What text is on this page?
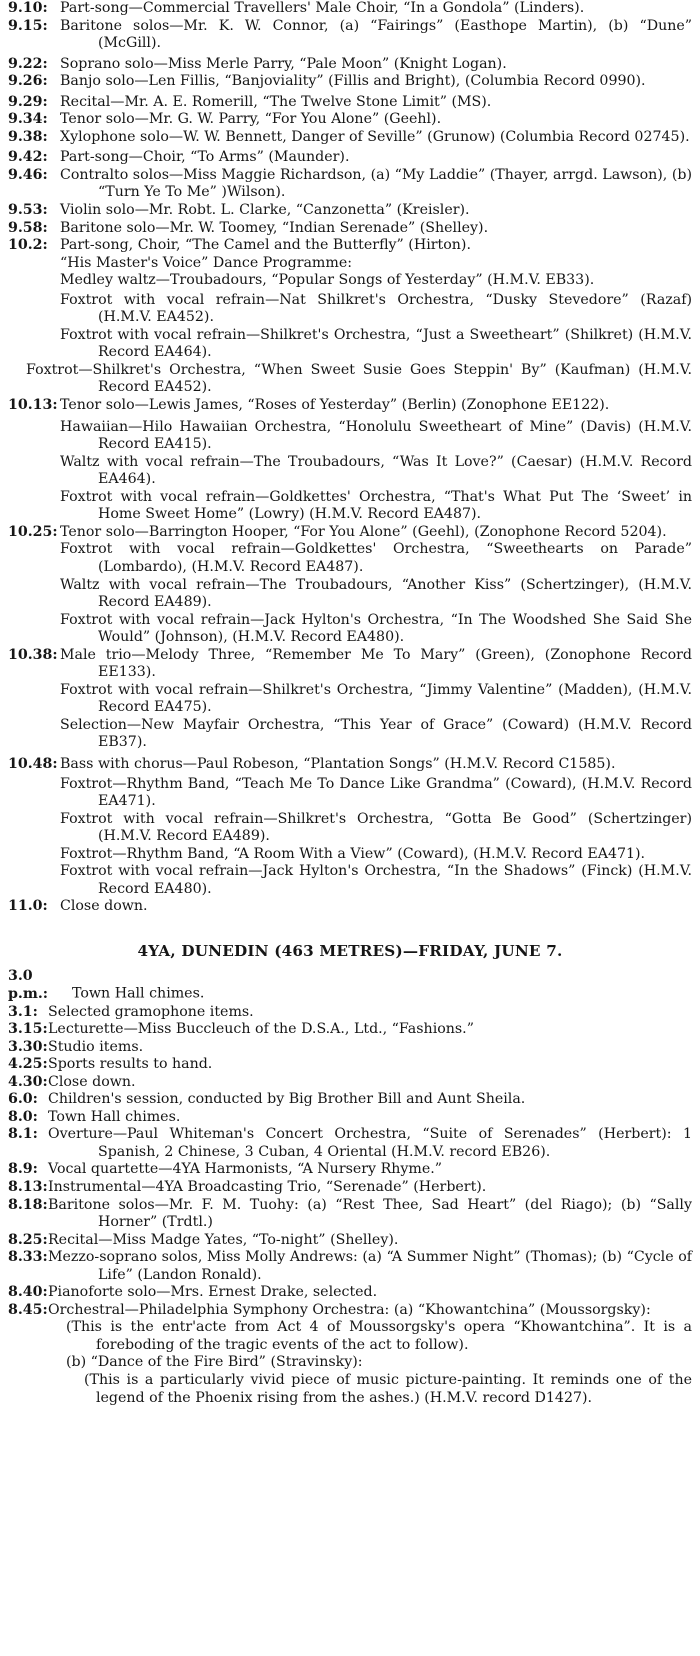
9.10: Part-song—Commercial Travellers' Male Choir, “In a Gondola” (Linders).
9.15: Baritone solos—Mr. K. W. Connor, (a) “Fairings” (Easthope Martin), (b) “Dune” (McGill).
9.22: Soprano solo—Miss Merle Parry, “Pale Moon” (Knight Logan).
9.26: Banjo solo—Len Fillis, “Banjoviality” (Fillis and Bright), (Columbia Record 0990).
9.29: Recital—Mr. A. E. Romerill, “The Twelve Stone Limit” (MS).
9.34: Tenor solo—Mr. G. W. Parry, “For You Alone” (Geehl).
9.38: Xylophone solo—W. W. Bennett, Danger of Seville” (Grunow) (Columbia Record 02745).
9.42: Part-song—Choir, “To Arms” (Maunder).
9.46: Contralto solos—Miss Maggie Richardson, (a) “My Laddie” (Thayer, arrgd. Lawson), (b) “Turn Ye To Me” )Wilson).
9.53: Violin solo—Mr. Robt. L. Clarke, “Canzonetta” (Kreisler).
9.58: Baritone solo—Mr. W. Toomey, “Indian Serenade” (Shelley).
10.2: Part-song, Choir, “The Camel and the Butterfly” (Hirton).
“His Master's Voice” Dance Programme:
Medley waltz—Troubadours, “Popular Songs of Yesterday” (H.M.V. EB33).
Foxtrot with vocal refrain—Nat Shilkret's Orchestra, “Dusky Stevedore” (Razaf) (H.M.V. EA452).
Foxtrot with vocal refrain—Shilkret's Orchestra, “Just a Sweetheart” (Shilkret) (H.M.V. Record EA464).
Foxtrot—Shilkret's Orchestra, “When Sweet Susie Goes Steppin' By” (Kaufman) (H.M.V. Record EA452).
10.13: Tenor solo—Lewis James, “Roses of Yesterday” (Berlin) (Zonophone EE122).
Hawaiian—Hilo Hawaiian Orchestra, “Honolulu Sweetheart of Mine” (Davis) (H.M.V. Record EA415).
Waltz with vocal refrain—The Troubadours, “Was It Love?” (Caesar) (H.M.V. Record EA464).
Foxtrot with vocal refrain—Goldkettes' Orchestra, “That's What Put The ‘Sweet’ in Home Sweet Home” (Lowry) (H.M.V. Record EA487).
10.25: Tenor solo—Barrington Hooper, “For You Alone” (Geehl), (Zonophone Record 5204).
Foxtrot with vocal refrain—Goldkettes' Orchestra, “Sweethearts on Parade” (Lombardo), (H.M.V. Record EA487).
Waltz with vocal refrain—The Troubadours, “Another Kiss” (Schertzinger), (H.M.V. Record EA489).
Foxtrot with vocal refrain—Jack Hylton's Orchestra, “In The Woodshed She Said She Would” (Johnson), (H.M.V. Record EA480).
10.38: Male trio—Melody Three, “Remember Me To Mary” (Green), (Zonophone Record EE133).
Foxtrot with vocal refrain—Shilkret's Orchestra, “Jimmy Valentine” (Madden), (H.M.V. Record EA475).
Selection—New Mayfair Orchestra, “This Year of Grace” (Coward) (H.M.V. Record EB37).
10.48: Bass with chorus—Paul Robeson, “Plantation Songs” (H.M.V. Record C1585).
Foxtrot—Rhythm Band, “Teach Me To Dance Like Grandma” (Coward), (H.M.V. Record EA471).
Foxtrot with vocal refrain—Shilkret's Orchestra, “Gotta Be Good” (Schertzinger) (H.M.V. Record EA489).
Foxtrot—Rhythm Band, “A Room With a View” (Coward), (H.M.V. Record EA471).
Foxtrot with vocal refrain—Jack Hylton's Orchestra, “In the Shadows” (Finck) (H.M.V. Record EA480).
11.0: Close down.
4YA, DUNEDIN (463 METRES)—FRIDAY, JUNE 7.
3.0 p.m.: Town Hall chimes.
3.1: Selected gramophone items.
3.15:Lecturette—Miss Buccleuch of the D.S.A., Ltd., “Fashions.”
3.30:Studio items.
4.25:Sports results to hand.
4.30:Close down.
6.0: Children's session, conducted by Big Brother Bill and Aunt Sheila.
8.0: Town Hall chimes.
8.1: Overture—Paul Whiteman's Concert Orchestra, “Suite of Serenades” (Herbert): 1 Spanish, 2 Chinese, 3 Cuban, 4 Oriental (H.M.V. record EB26).
8.9: Vocal quartette—4YA Harmonists, “A Nursery Rhyme.”
8.13:Instrumental—4YA Broadcasting Trio, “Serenade” (Herbert).
8.18:Baritone solos—Mr. F. M. Tuohy: (a) “Rest Thee, Sad Heart” (del Riago); (b) “Sally Horner” (Trdtl.)
8.25:Recital—Miss Madge Yates, “To-night” (Shelley).
8.33:Mezzo-soprano solos, Miss Molly Andrews: (a) “A Summer Night” (Thomas); (b) “Cycle of Life” (Landon Ronald).
8.40:Pianoforte solo—Mrs. Ernest Drake, selected.
8.45:Orchestral—Philadelphia Symphony Orchestra: (a) “Khowantchina” (Moussorgsky):
(This is the entr'acte from Act 4 of Moussorgsky's opera “Khowantchina”. It is a foreboding of the tragic events of the act to follow).
(b) “Dance of the Fire Bird” (Stravinsky):
(This is a particularly vivid piece of music picture-painting. It reminds one of the legend of the Phoenix rising from the ashes.) (H.M.V. record D1427).
